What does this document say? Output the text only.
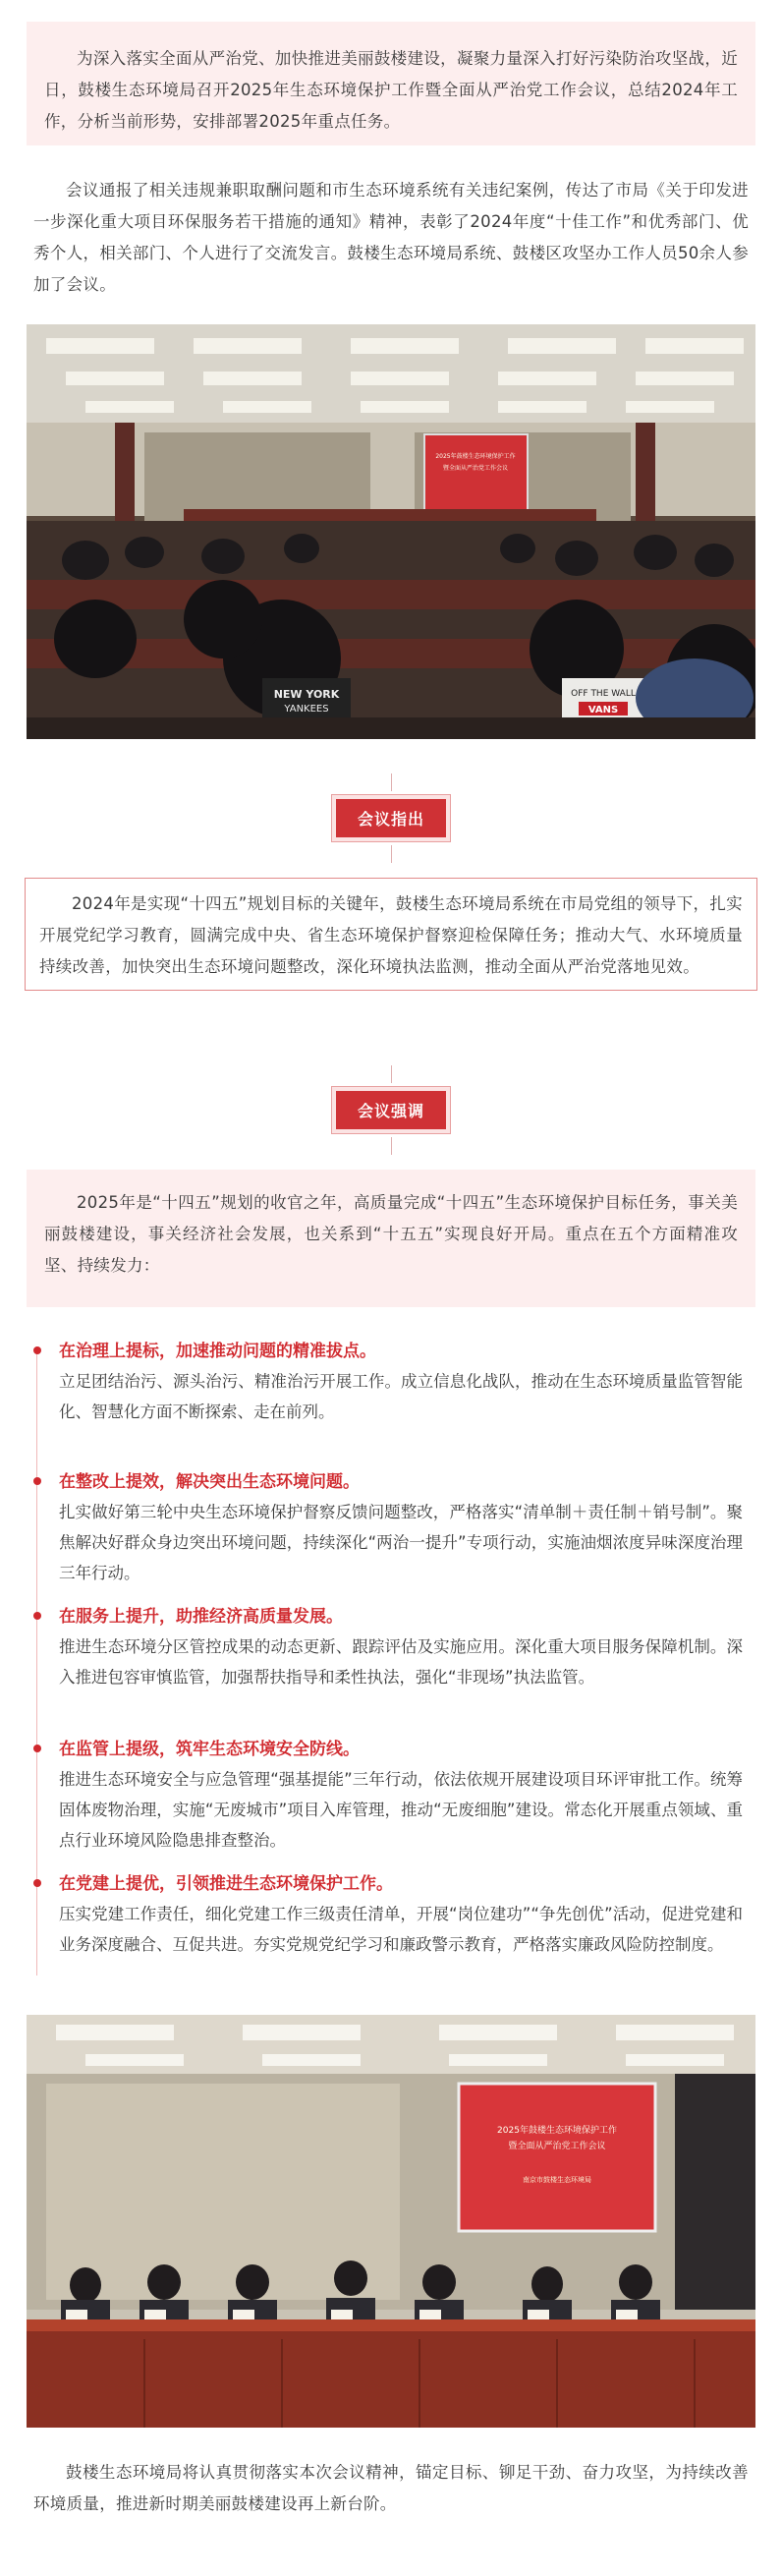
为深入落实全面从严治党、加快推进美丽鼓楼建设，凝聚力量深入打好污染防治攻坚战，近日，鼓楼生态环境局召开2025年生态环境保护工作暨全面从严治党工作会议，总结2024年工作，分析当前形势，安排部署2025年重点任务。
会议通报了相关违规兼职取酬问题和市生态环境系统有关违纪案例，传达了市局《关于印发进一步深化重大项目环保服务若干措施的通知》精神，表彰了2024年度“十佳工作”和优秀部门、优秀个人，相关部门、个人进行了交流发言。鼓楼生态环境局系统、鼓楼区攻坚办工作人员50余人参加了会议。
2025年鼓楼生态环境保护工作
暨全面从严治党工作会议
NEW YORK
YANKEES
OFF THE WALL
VANS
会议指出
2024年是实现“十四五”规划目标的关键年，鼓楼生态环境局系统在市局党组的领导下，扎实开展党纪学习教育，圆满完成中央、省生态环境保护督察迎检保障任务；推动大气、水环境质量持续改善，加快突出生态环境问题整改，深化环境执法监测，推动全面从严治党落地见效。
会议强调
2025年是“十四五”规划的收官之年，高质量完成“十四五”生态环境保护目标任务，事关美丽鼓楼建设，事关经济社会发展，也关系到“十五五”实现良好开局。重点在五个方面精准攻坚、持续发力：
在治理上提标，加速推动问题的精准拔点。
立足团结治污、源头治污、精准治污开展工作。成立信息化战队，推动在生态环境质量监管智能化、智慧化方面不断探索、走在前列。
在整改上提效，解决突出生态环境问题。
扎实做好第三轮中央生态环境保护督察反馈问题整改，严格落实“清单制＋责任制＋销号制”。聚焦解决好群众身边突出环境问题，持续深化“两治一提升”专项行动，实施油烟浓度异味深度治理三年行动。
在服务上提升，助推经济高质量发展。
推进生态环境分区管控成果的动态更新、跟踪评估及实施应用。深化重大项目服务保障机制。深入推进包容审慎监管，加强帮扶指导和柔性执法，强化“非现场”执法监管。
在监管上提级，筑牢生态环境安全防线。
推进生态环境安全与应急管理“强基提能”三年行动，依法依规开展建设项目环评审批工作。统筹固体废物治理，实施“无废城市”项目入库管理，推动“无废细胞”建设。常态化开展重点领域、重点行业环境风险隐患排查整治。
在党建上提优，引领推进生态环境保护工作。
压实党建工作责任，细化党建工作三级责任清单，开展“岗位建功”“争先创优”活动，促进党建和业务深度融合、互促共进。夯实党规党纪学习和廉政警示教育，严格落实廉政风险防控制度。
2025年鼓楼生态环境保护工作
暨全面从严治党工作会议
南京市鼓楼生态环境局
鼓楼生态环境局将认真贯彻落实本次会议精神，锚定目标、铆足干劲、奋力攻坚，为持续改善环境质量，推进新时期美丽鼓楼建设再上新台阶。
